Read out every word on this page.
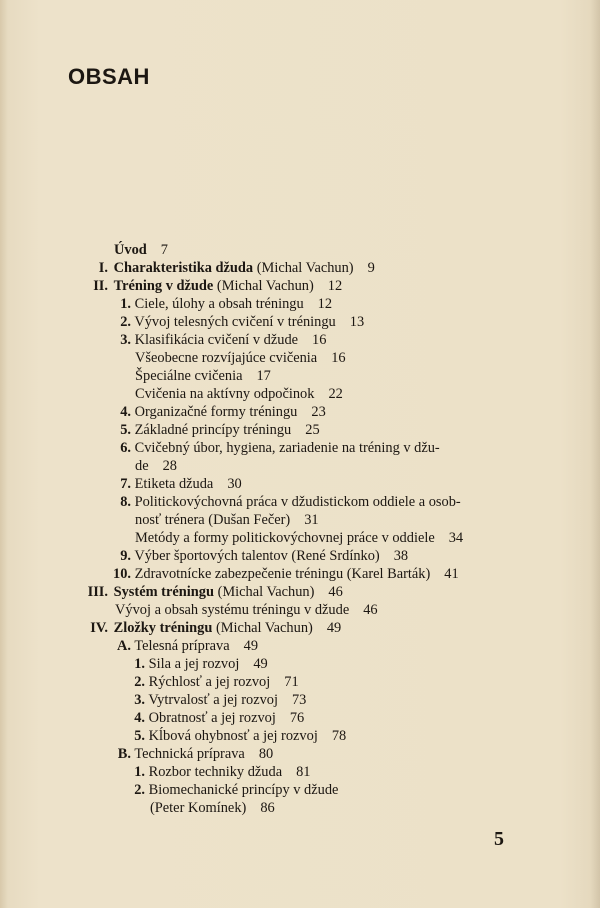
OBSAH
Úvod 7
I. Charakteristika džuda (Michal Vachun) 9
II. Tréning v džude (Michal Vachun) 12
1. Ciele, úlohy a obsah tréningu 12
2. Vývoj telesných cvičení v tréningu 13
3. Klasifikácia cvičení v džude 16
Všeobecne rozvíjajúce cvičenia 16
Špeciálne cvičenia 17
Cvičenia na aktívny odpočinok 22
4. Organizačné formy tréningu 23
5. Základné princípy tréningu 25
6. Cvičebný úbor, hygiena, zariadenie na tréning v džu-
de 28
7. Etiketa džuda 30
8. Politickovýchovná práca v džudistickom oddiele a osob-
nosť trénera (Dušan Fečer) 31
Metódy a formy politickovýchovnej práce v oddiele 34
9. Výber športových talentov (René Srdínko) 38
10. Zdravotnícke zabezpečenie tréningu (Karel Barták) 41
III. Systém tréningu (Michal Vachun) 46
Vývoj a obsah systému tréningu v džude 46
IV. Zložky tréningu (Michal Vachun) 49
A. Telesná príprava 49
1. Sila a jej rozvoj 49
2. Rýchlosť a jej rozvoj 71
3. Vytrvalosť a jej rozvoj 73
4. Obratnosť a jej rozvoj 76
5. Kĺbová ohybnosť a jej rozvoj 78
B. Technická príprava 80
1. Rozbor techniky džuda 81
2. Biomechanické princípy v džude
(Peter Komínek) 86
5
